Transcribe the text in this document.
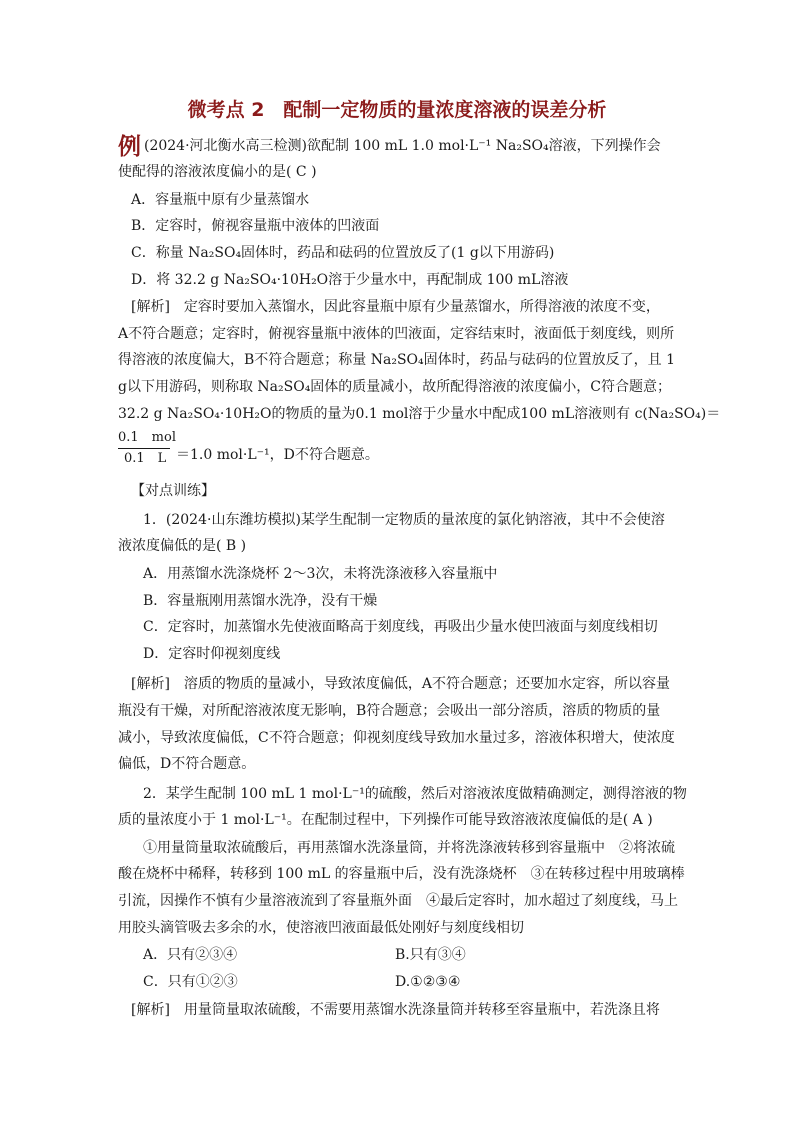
微考点 2　配制一定物质的量浓度溶液的误差分析
例 (2024·河北衡水高三检测)欲配制 100 mL 1.0 mol·L⁻¹ Na₂SO₄溶液，下列操作会
使配得的溶液浓度偏小的是( C )
A．容量瓶中原有少量蒸馏水
B．定容时，俯视容量瓶中液体的凹液面
C．称量 Na₂SO₄固体时，药品和砝码的位置放反了(1 g以下用游码)
D．将 32.2 g Na₂SO₄·10H₂O溶于少量水中，再配制成 100 mL溶液
[解析]　定容时要加入蒸馏水，因此容量瓶中原有少量蒸馏水，所得溶液的浓度不变，
A不符合题意；定容时，俯视容量瓶中液体的凹液面，定容结束时，液面低于刻度线，则所
得溶液的浓度偏大，B不符合题意；称量 Na₂SO₄固体时，药品与砝码的位置放反了，且 1
g以下用游码，则称取 Na₂SO₄固体的质量减小，故所配得溶液的浓度偏小，C符合题意；
32.2 g Na₂SO₄·10H₂O的物质的量为0.1 mol溶于少量水中配成100 mL溶液则有 c(Na₂SO₄)＝
0.1　mol
0.1　L ＝1.0 mol·L⁻¹，D不符合题意。
【对点训练】
1．(2024·山东潍坊模拟)某学生配制一定物质的量浓度的氯化钠溶液，其中不会使溶
液浓度偏低的是( B )
A．用蒸馏水洗涤烧杯 2～3次，未将洗涤液移入容量瓶中
B．容量瓶刚用蒸馏水洗净，没有干燥
C．定容时，加蒸馏水先使液面略高于刻度线，再吸出少量水使凹液面与刻度线相切
D．定容时仰视刻度线
[解析]　溶质的物质的量减小，导致浓度偏低，A不符合题意；还要加水定容，所以容量
瓶没有干燥，对所配溶液浓度无影响，B符合题意；会吸出一部分溶质，溶质的物质的量
减小，导致浓度偏低，C不符合题意；仰视刻度线导致加水量过多，溶液体积增大，使浓度
偏低，D不符合题意。
2．某学生配制 100 mL 1 mol·L⁻¹的硫酸，然后对溶液浓度做精确测定，测得溶液的物
质的量浓度小于 1 mol·L⁻¹。在配制过程中，下列操作可能导致溶液浓度偏低的是( A )
①用量筒量取浓硫酸后，再用蒸馏水洗涤量筒，并将洗涤液转移到容量瓶中　②将浓硫
酸在烧杯中稀释，转移到 100 mL 的容量瓶中后，没有洗涤烧杯　③在转移过程中用玻璃棒
引流，因操作不慎有少量溶液流到了容量瓶外面　④最后定容时，加水超过了刻度线，马上
用胶头滴管吸去多余的水，使溶液凹液面最低处刚好与刻度线相切
A．只有②③④	B.只有③④
C．只有①②③	D.①②③④
[解析]　用量筒量取浓硫酸，不需要用蒸馏水洗涤量筒并转移至容量瓶中，若洗涤且将
